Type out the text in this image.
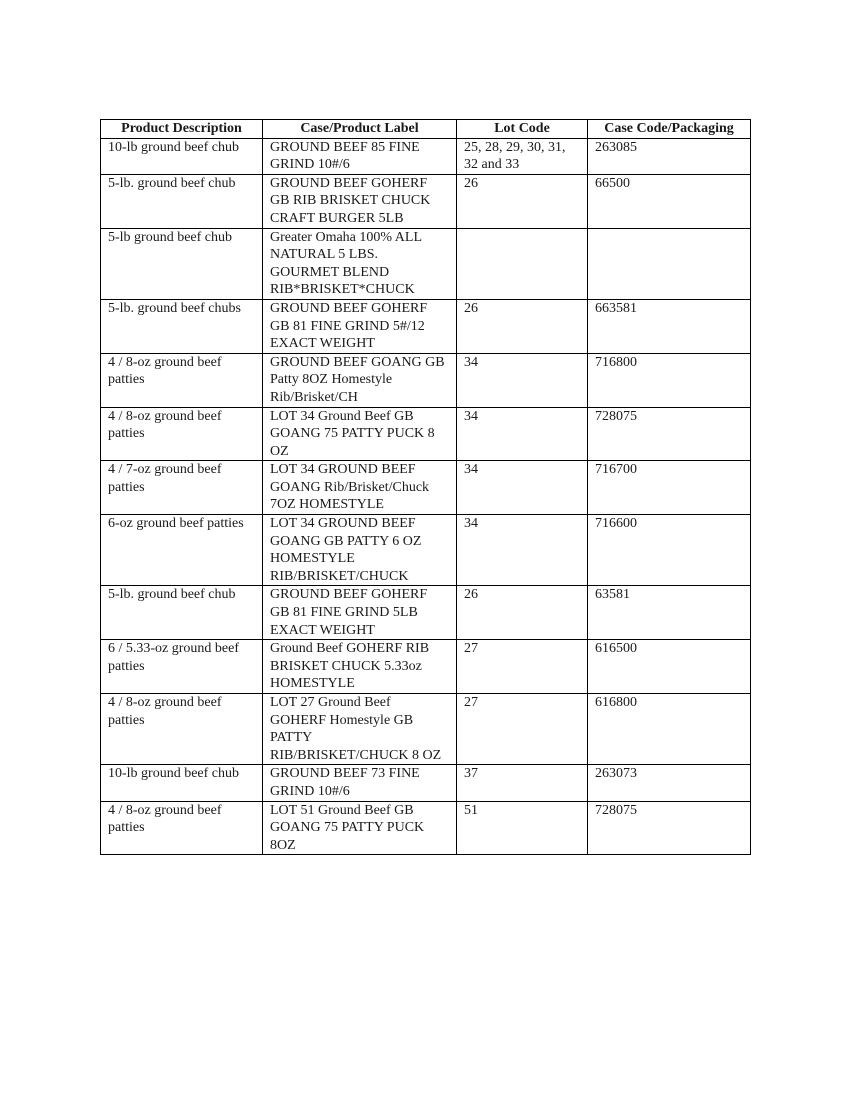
Product Description	Case/Product Label	Lot Code	Case Code/Packaging
10-lb ground beef chub	GROUND BEEF 85 FINE GRIND 10#/6	25, 28, 29, 30, 31, 32 and 33	263085
5-lb. ground beef chub	GROUND BEEF GOHERF GB RIB BRISKET CHUCK CRAFT BURGER 5LB	26	66500
5-lb ground beef chub	Greater Omaha 100% ALL NATURAL 5 LBS. GOURMET BLEND RIB*BRISKET*CHUCK		
5-lb. ground beef chubs	GROUND BEEF GOHERF GB 81 FINE GRIND 5#/12 EXACT WEIGHT	26	663581
4 / 8-oz ground beef patties	GROUND BEEF GOANG GB Patty 8OZ Homestyle Rib/Brisket/CH	34	716800
4 / 8-oz ground beef patties	LOT 34 Ground Beef GB GOANG 75 PATTY PUCK 8 OZ	34	728075
4 / 7-oz ground beef patties	LOT 34 GROUND BEEF GOANG Rib/Brisket/Chuck 7OZ HOMESTYLE	34	716700
6-oz ground beef patties	LOT 34 GROUND BEEF GOANG GB PATTY 6 OZ HOMESTYLE RIB/BRISKET/CHUCK	34	716600
5-lb. ground beef chub	GROUND BEEF GOHERF GB 81 FINE GRIND 5LB EXACT WEIGHT	26	63581
6 / 5.33-oz ground beef patties	Ground Beef GOHERF RIB BRISKET CHUCK 5.33oz HOMESTYLE	27	616500
4 / 8-oz ground beef patties	LOT 27 Ground Beef GOHERF Homestyle GB PATTY RIB/BRISKET/CHUCK 8 OZ	27	616800
10-lb ground beef chub	GROUND BEEF 73 FINE GRIND 10#/6	37	263073
4 / 8-oz ground beef patties	LOT 51 Ground Beef GB GOANG 75 PATTY PUCK 8OZ	51	728075
